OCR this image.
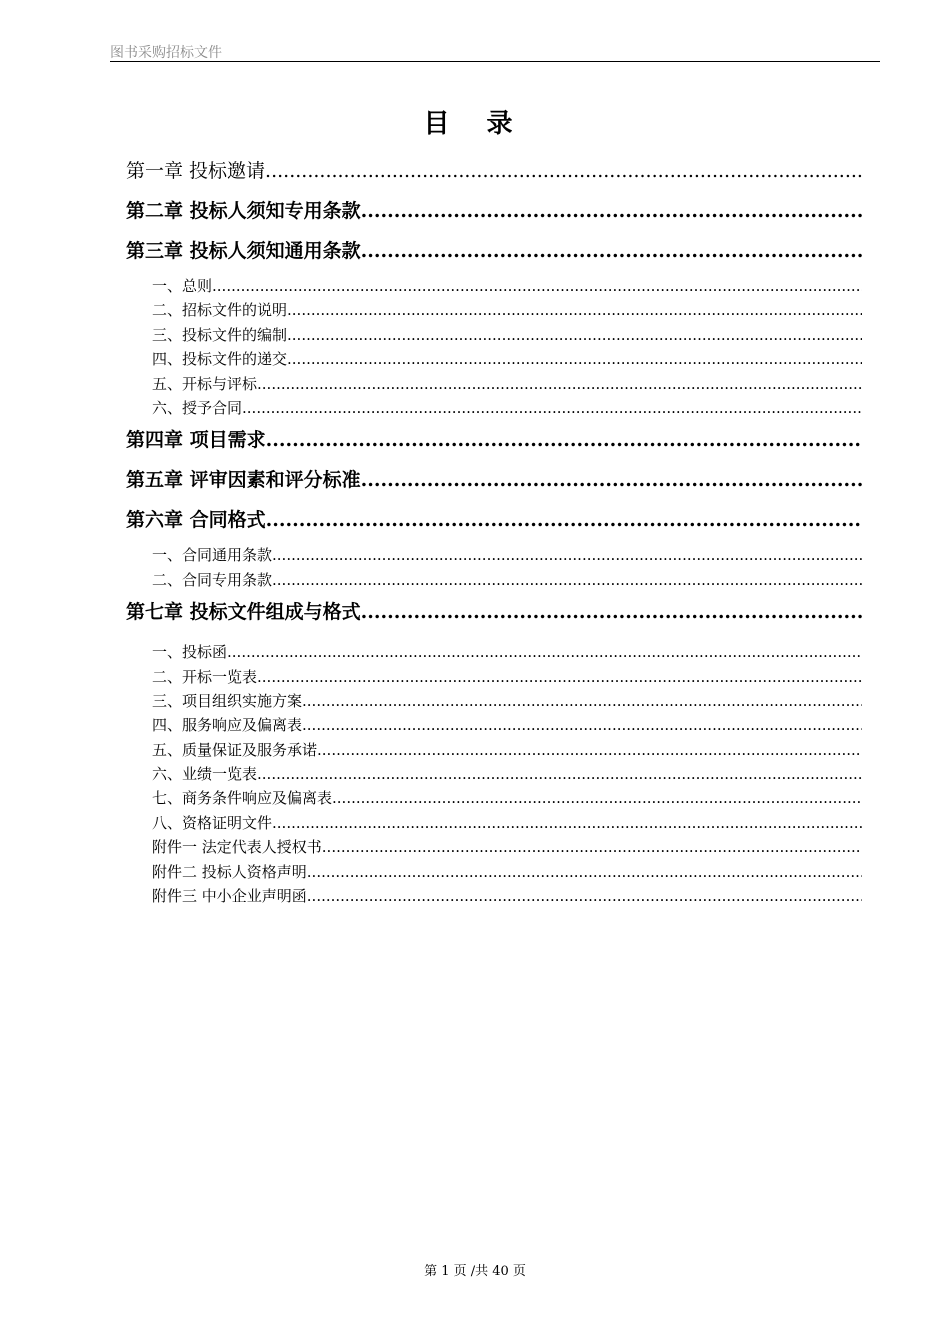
图书采购招标文件
目 录
第一章 投标邀请
.....
第二章 投标人须知专用条款
.....
第三章 投标人须知通用条款
.....
一、总则
.....
二、招标文件的说明
.....
三、投标文件的编制
.....
四、投标文件的递交
.....
五、开标与评标
.....
六、授予合同
.....
第四章 项目需求
.....
第五章 评审因素和评分标准
.....
第六章 合同格式
.....
一、合同通用条款
.....
二、合同专用条款
.....
第七章 投标文件组成与格式
.....
一、投标函
.....
二、开标一览表
.....
三、项目组织实施方案
.....
四、服务响应及偏离表
.....
五、质量保证及服务承诺
.....
六、业绩一览表
.....
七、商务条件响应及偏离表
.....
八、资格证明文件
.....
附件一 法定代表人授权书
.....
附件二 投标人资格声明
.....
附件三 中小企业声明函
.....
第 1 页 /共 40 页
